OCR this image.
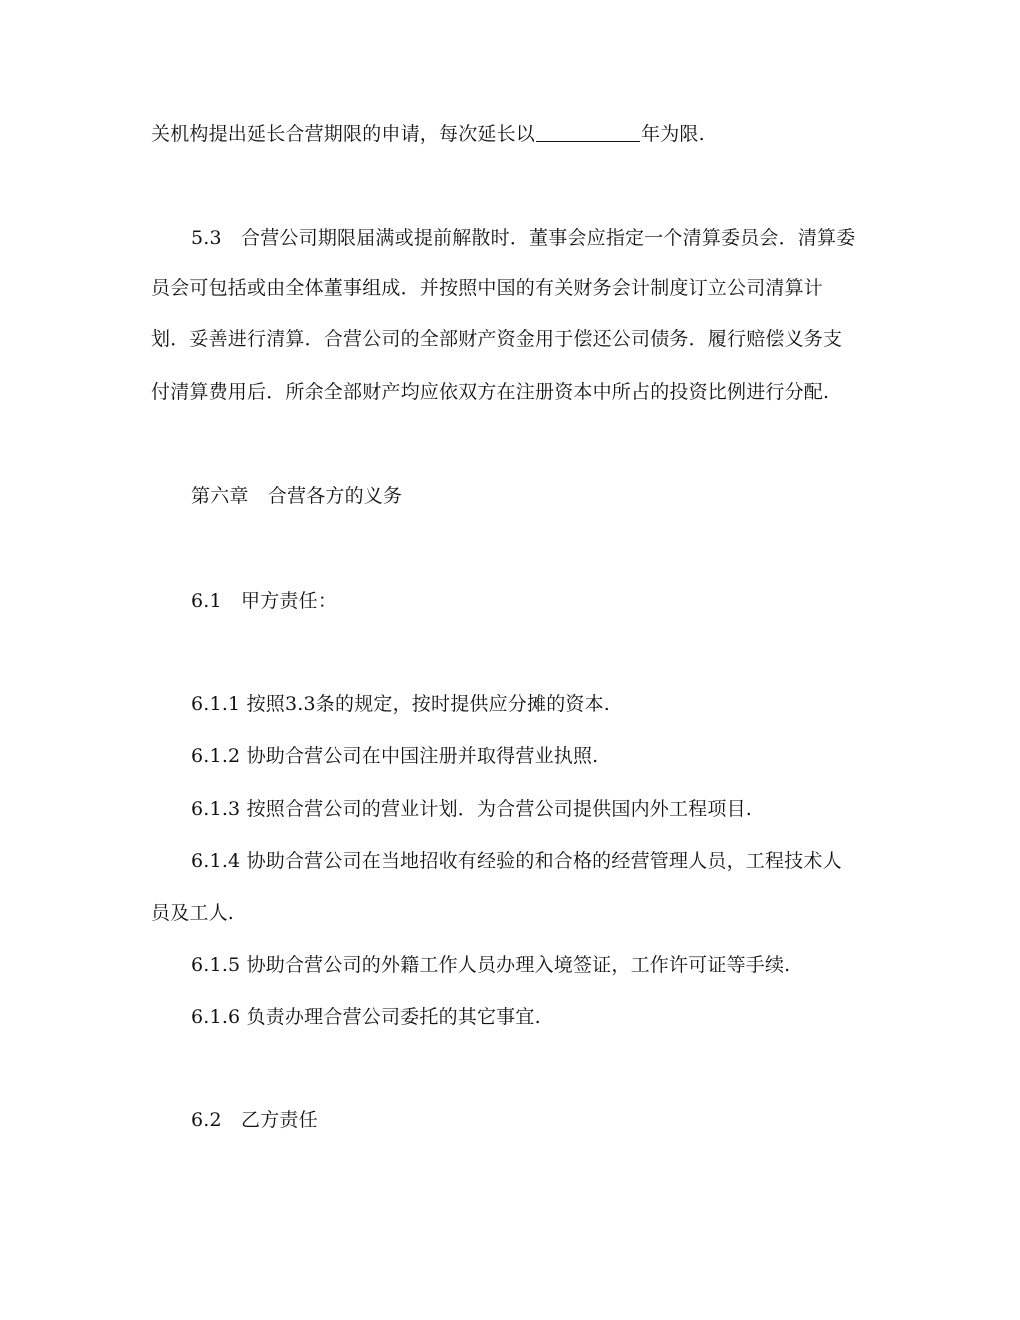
关机构提出延长合营期限的申请，每次延长以	年为限.
5.3　合营公司期限届满或提前解散时．董事会应指定一个清算委员会．清算委
员会可包括或由全体董事组成．并按照中国的有关财务会计制度订立公司清算计
划．妥善进行清算．合营公司的全部财产资金用于偿还公司债务．履行赔偿义务支
付清算费用后．所余全部财产均应依双方在注册资本中所占的投资比例进行分配.
第六章　合营各方的义务
6.1　甲方责任：
6.1.1 按照3.3条的规定，按时提供应分摊的资本.
6.1.2 协助合营公司在中国注册并取得营业执照.
6.1.3 按照合营公司的营业计划．为合营公司提供国内外工程项目.
6.1.4 协助合营公司在当地招收有经验的和合格的经营管理人员，工程技术人
员及工人.
6.1.5 协助合营公司的外籍工作人员办理入境签证，工作许可证等手续.
6.1.6 负责办理合营公司委托的其它事宜.
6.2　乙方责任
